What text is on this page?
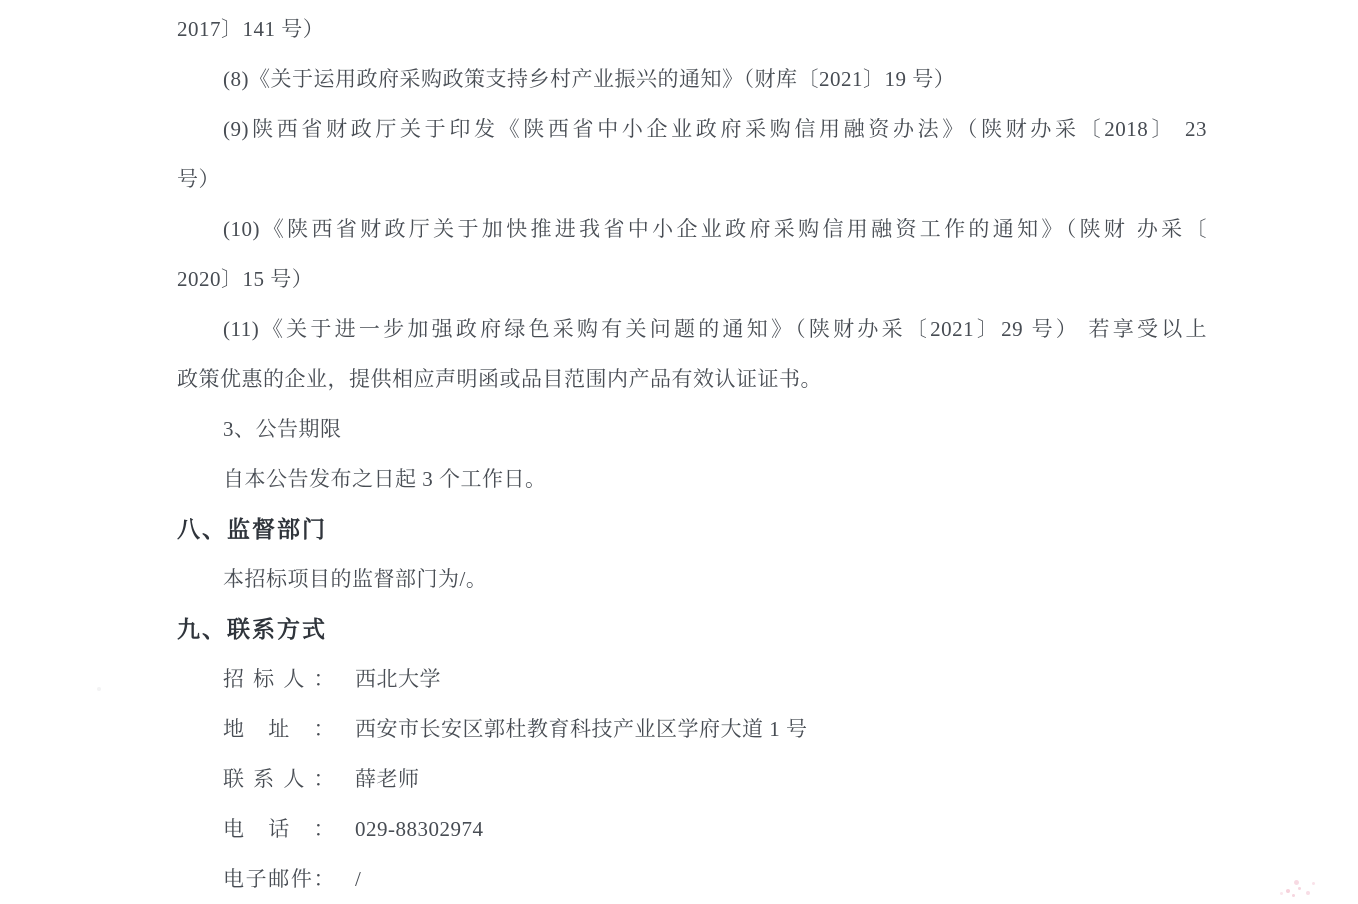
2017〕141 号）
(8)《关于运用政府采购政策支持乡村产业振兴的通知》（财库〔2021〕19 号）
(9)陕西省财政厅关于印发《陕西省中小企业政府采购信用融资办法》（陕财办采〔2018〕 23
号）
(10)《陕西省财政厅关于加快推进我省中小企业政府采购信用融资工作的通知》（陕财 办采〔
2020〕15 号）
(11)《关于进一步加强政府绿色采购有关问题的通知》（陕财办采〔2021〕29 号） 若享受以上
政策优惠的企业，提供相应声明函或品目范围内产品有效认证证书。
3、公告期限
自本公告发布之日起 3 个工作日。
八、监督部门
本招标项目的监督部门为/。
九、联系方式
招标人： 西北大学
地址： 西安市长安区郭杜教育科技产业区学府大道 1 号
联系人： 薛老师
电话： 029-88302974
电子邮件： /
